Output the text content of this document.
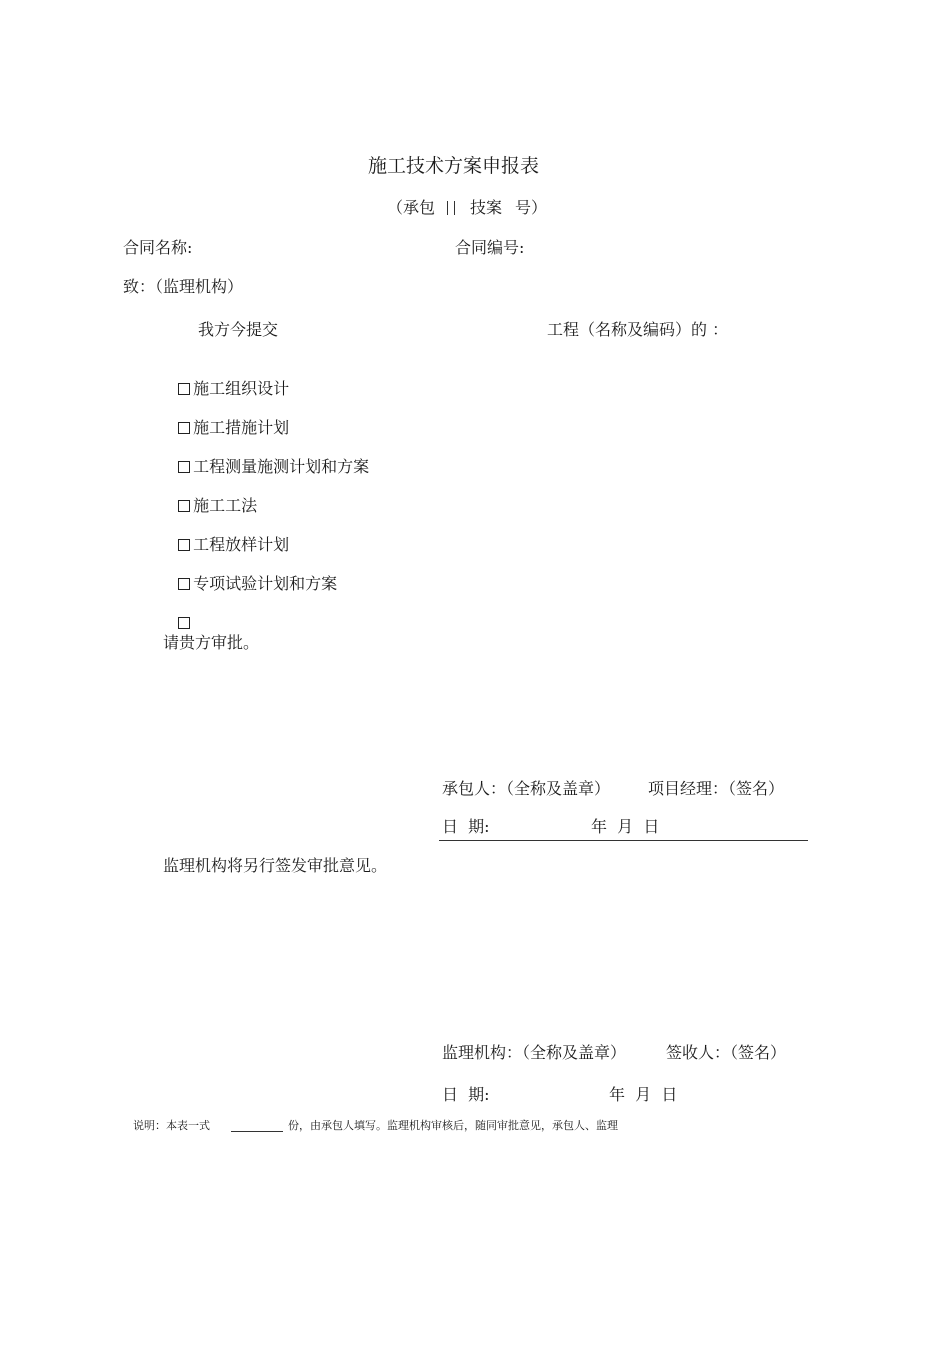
施工技术方案申报表
（承包 技案 号）
合同名称:	合同编号:
致：（监理机构）
我方今提交	工程（名称及编码）的 ：

施工组织设计

施工措施计划

工程测量施测计划和方案

施工工法

工程放样计划

专项试验计划和方案

请贵方审批。
承包人：（全称及盖章） 项目经理：（签名）
日  期:	年  月  日
监理机构将另行签发审批意见。
监理机构：（全称及盖章） 签收人：（签名）
日  期:	年  月  日
说明：本表一式	份，由承包人填写。监理机构审核后，随同审批意见，承包人、监理
